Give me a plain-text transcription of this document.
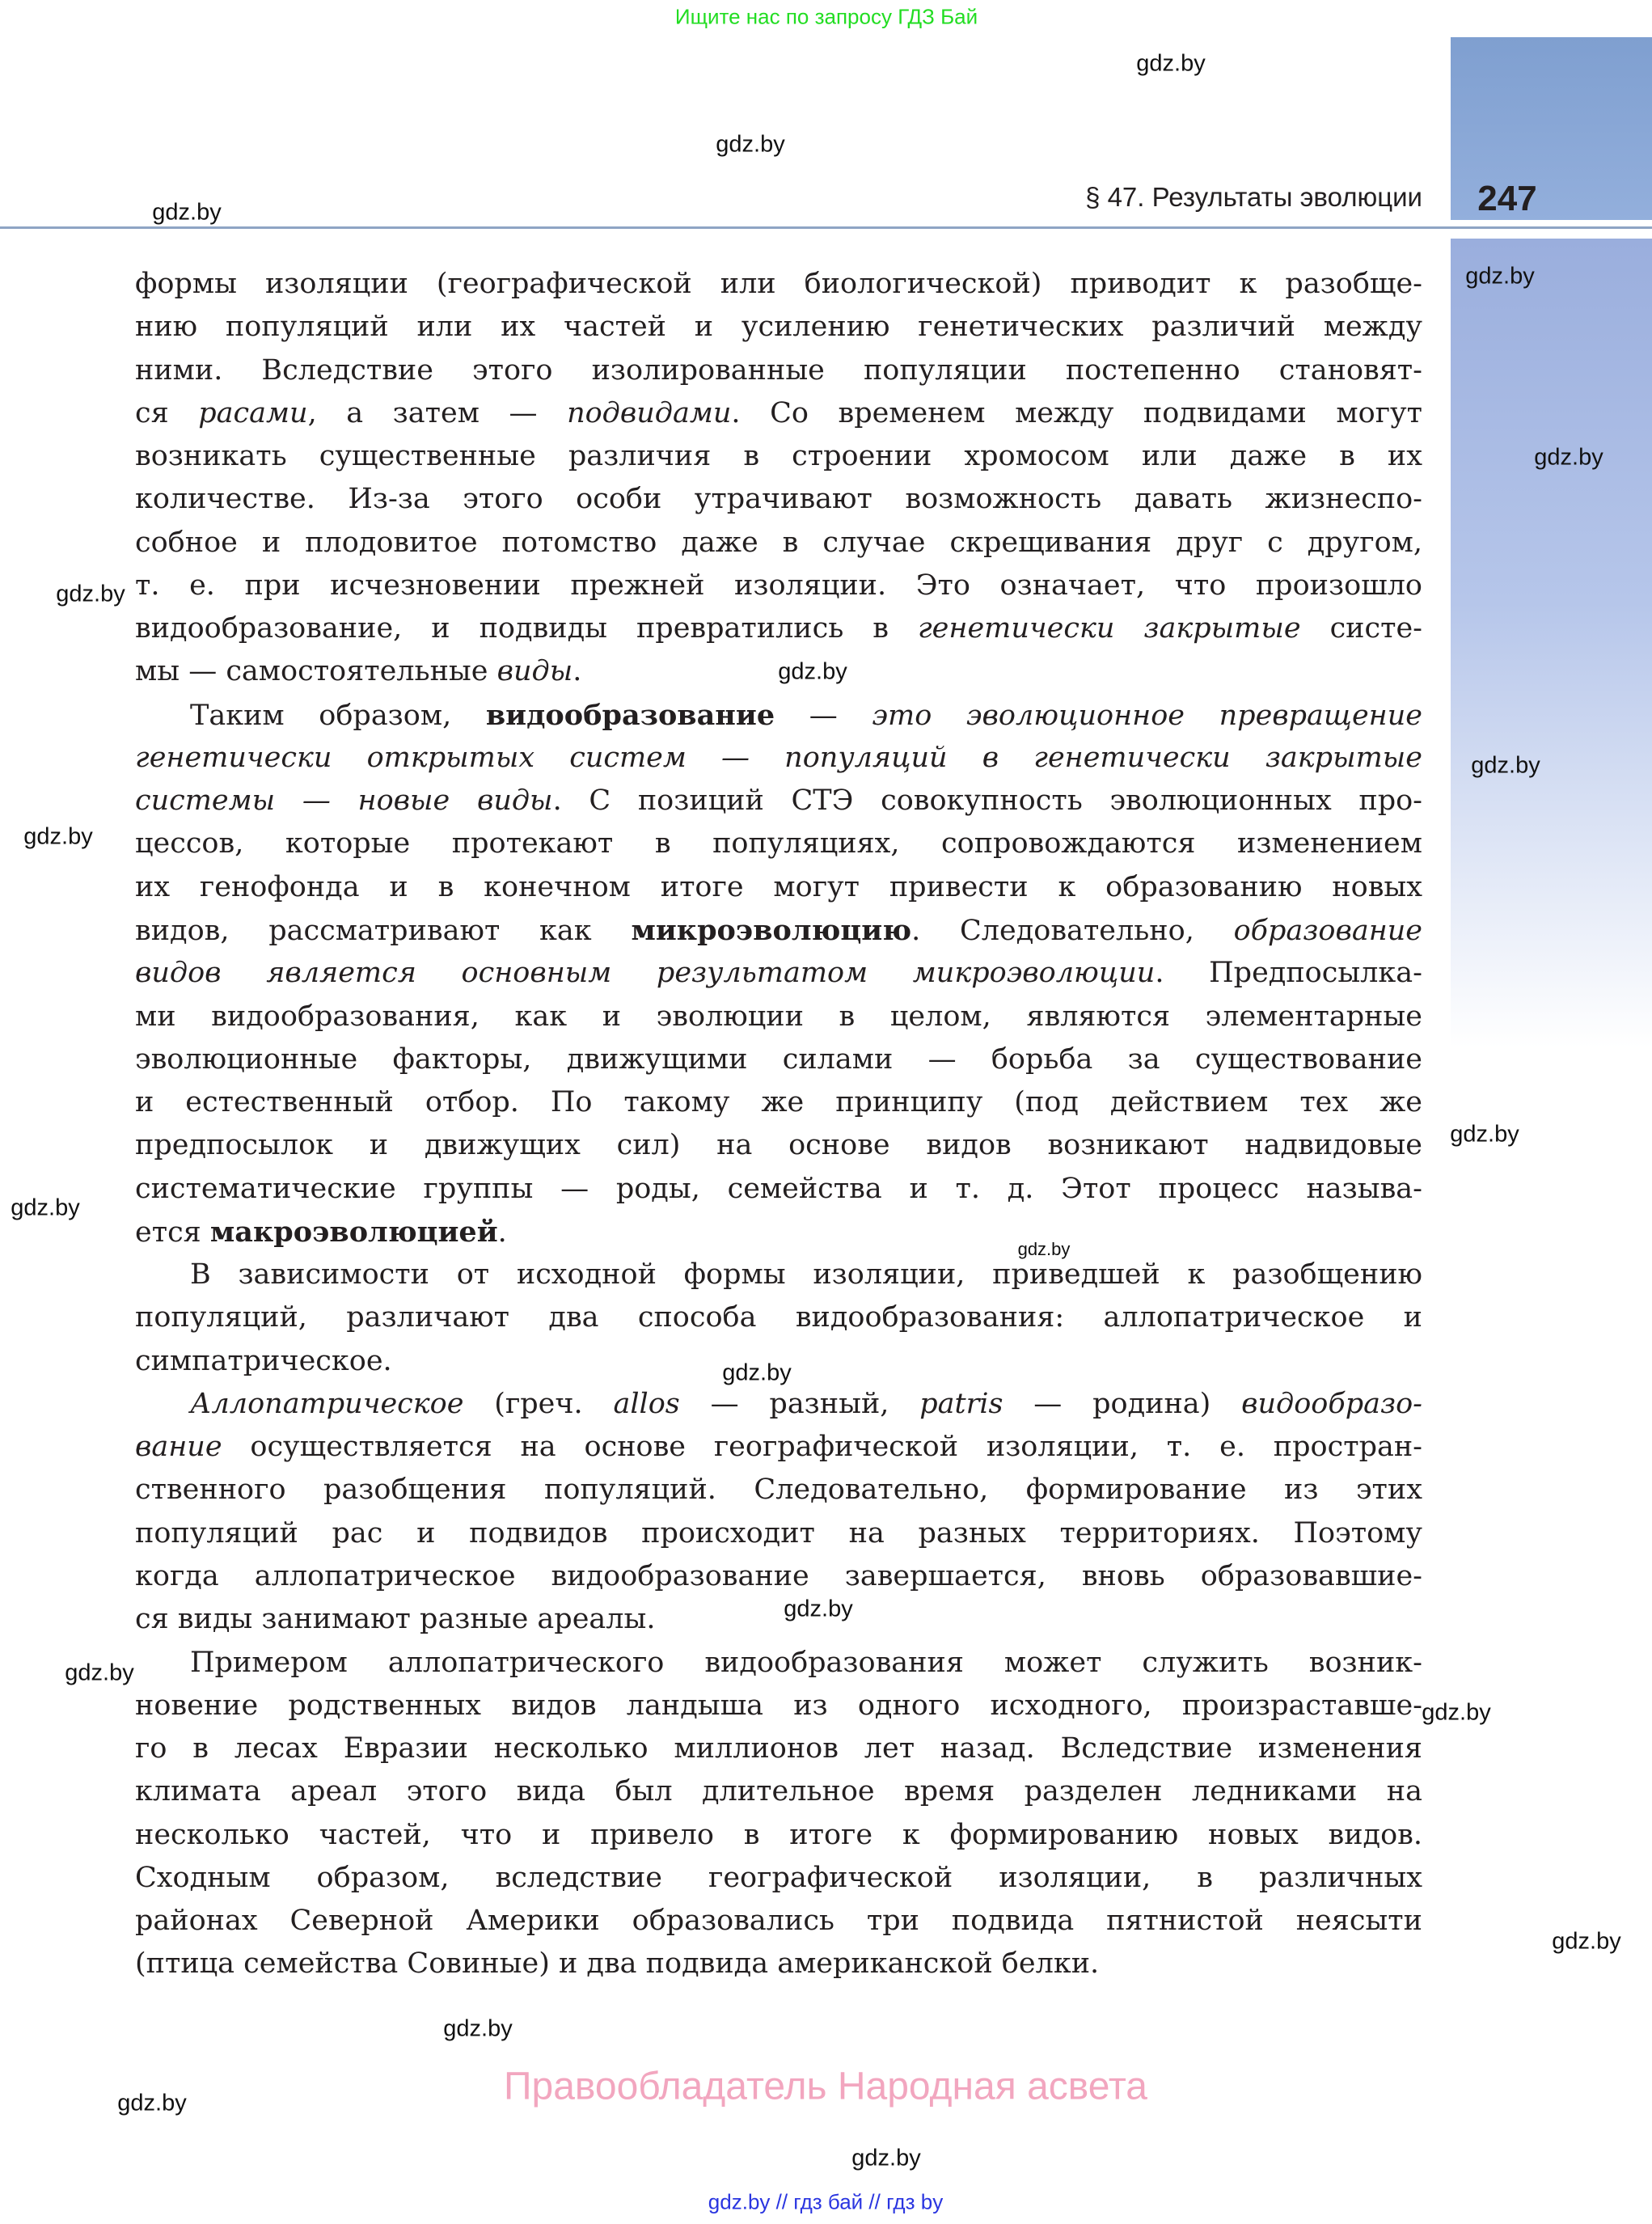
Ищите нас по запросу ГДЗ Бай
§ 47. Результаты эволюции 247
формы изоляции (географической или биологической) приводит к разобще-
нию популяций или их частей и усилению генетических различий между
ними. Вследствие этого изолированные популяции постепенно становят-
ся расами, а затем — подвидами. Со временем между подвидами могут
возникать существенные различия в строении хромосом или даже в их
количестве. Из-за этого особи утрачивают возможность давать жизнеспо-
собное и плодовитое потомство даже в случае скрещивания друг с другом,
т. е. при исчезновении прежней изоляции. Это означает, что произошло
видообразование, и подвиды превратились в генетически закрытые систе-
мы — самостоятельные виды.
Таким образом, видообразование — это эволюционное превращение
генетически открытых систем — популяций в генетически закрытые
системы — новые виды. С позиций СТЭ совокупность эволюционных про-
цессов, которые протекают в популяциях, сопровождаются изменением
их генофонда и в конечном итоге могут привести к образованию новых
видов, рассматривают как микроэволюцию. Следовательно, образование
видов является основным результатом микроэволюции. Предпосылка-
ми видообразования, как и эволюции в целом, являются элементарные
эволюционные факторы, движущими силами — борьба за существование
и естественный отбор. По такому же принципу (под действием тех же
предпосылок и движущих сил) на основе видов возникают надвидовые
систематические группы — роды, семейства и т. д. Этот процесс называ-
ется макроэволюцией.
В зависимости от исходной формы изоляции, приведшей к разобщению
популяций, различают два способа видообразования: аллопатрическое и
симпатрическое.
Аллопатрическое (греч. allos — разный, patris — родина) видообразо-
вание осуществляется на основе географической изоляции, т. е. простран-
ственного разобщения популяций. Следовательно, формирование из этих
популяций рас и подвидов происходит на разных территориях. Поэтому
когда аллопатрическое видообразование завершается, вновь образовавшие-
ся виды занимают разные ареалы.
Примером аллопатрического видообразования может служить возник-
новение родственных видов ландыша из одного исходного, произраставше-
го в лесах Евразии несколько миллионов лет назад. Вследствие изменения
климата ареал этого вида был длительное время разделен ледниками на
несколько частей, что и привело в итоге к формированию новых видов.
Сходным образом, вследствие географической изоляции, в различных
районах Северной Америки образовались три подвида пятнистой неясыти
(птица семейства Совиные) и два подвида американской белки.
gdz.by
gdz.by
gdz.by
gdz.by
gdz.by
gdz.by
gdz.by
gdz.by
gdz.by
gdz.by
gdz.by
gdz.by
gdz.by
gdz.by
gdz.by
gdz.by
gdz.by
gdz.by
gdz.by
gdz.by
Правообладатель Народная асвета
gdz.by // гдз бай // гдз by
